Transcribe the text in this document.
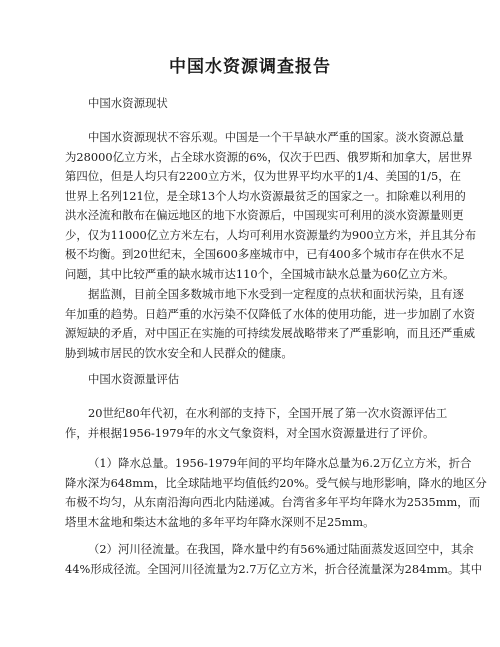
中国水资源调查报告
中国水资源现状
中国水资源现状不容乐观。中国是一个干旱缺水严重的国家。淡水资源总量
为28000亿立方米，占全球水资源的6%，仅次于巴西、俄罗斯和加拿大，居世界
第四位，但是人均只有2200立方米，仅为世界平均水平的1/4、美国的1/5，在
世界上名列121位，是全球13个人均水资源最贫乏的国家之一。扣除难以利用的
洪水泾流和散布在偏远地区的地下水资源后，中国现实可利用的淡水资源量则更
少，仅为11000亿立方米左右，人均可利用水资源量约为900立方米，并且其分布
极不均衡。到20世纪末，全国600多座城市中，已有400多个城市存在供水不足
问题，其中比较严重的缺水城市达110个，全国城市缺水总量为60亿立方米。
据监测，目前全国多数城市地下水受到一定程度的点状和面状污染，且有逐
年加重的趋势。日趋严重的水污染不仅降低了水体的使用功能，进一步加剧了水资
源短缺的矛盾，对中国正在实施的可持续发展战略带来了严重影响，而且还严重威
胁到城市居民的饮水安全和人民群众的健康。
中国水资源量评估
20世纪80年代初，在水利部的支持下，全国开展了第一次水资源评估工
作，并根据1956-1979年的水文气象资料，对全国水资源量进行了评价。
（1）降水总量。1956-1979年间的平均年降水总量为6.2万亿立方米，折合
降水深为648mm，比全球陆地平均值低约20%。受气候与地形影响，降水的地区分
布极不均匀，从东南沿海向西北内陆递减。台湾省多年平均年降水为2535mm，而
塔里木盆地和柴达木盆地的多年平均年降水深则不足25mm。
（2）河川径流量。在我国，降水量中约有56%通过陆面蒸发返回空中，其余
44%形成径流。全国河川径流量为2.7万亿立方米，折合径流量深为284mm。其中
